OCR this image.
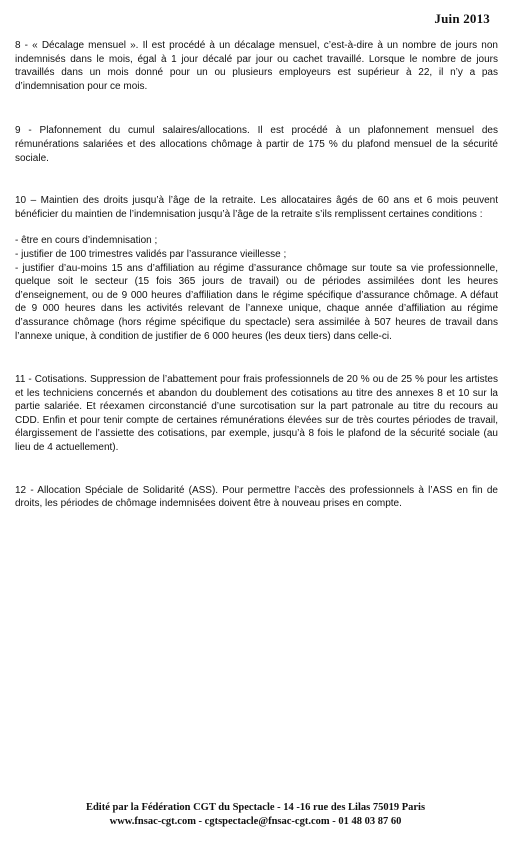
Juin 2013

8 - « Décalage mensuel ». Il est procédé à un décalage mensuel, c’est-à-dire à un nombre de jours non indemnisés dans le mois, égal à 1 jour décalé par jour ou cachet travaillé. Lorsque le nombre de jours travaillés dans un mois donné pour un ou plusieurs employeurs est supérieur à 22, il n’y a pas d’indemnisation pour ce mois.

9 - Plafonnement du cumul salaires/allocations. Il est procédé à un plafonnement mensuel des rémunérations salariées et des allocations chômage à partir de 175 % du plafond mensuel de la sécurité sociale.

10 – Maintien des droits jusqu’à l’âge de la retraite. Les allocataires âgés de 60 ans et 6 mois peuvent bénéficier du maintien de l’indemnisation jusqu’à l’âge de la retraite s’ils remplissent certaines conditions :

- être en cours d’indemnisation ;
- justifier de 100 trimestres validés par l’assurance vieillesse ;
- justifier d’au-moins 15 ans d’affiliation au régime d’assurance chômage sur toute sa vie professionnelle, quelque soit le secteur (15 fois 365 jours de travail) ou de périodes assimilées dont les heures d’enseignement, ou de 9 000 heures d’affiliation dans le régime spécifique d’assurance chômage. A défaut de 9 000 heures dans les activités relevant de l’annexe unique, chaque année d’affiliation au régime d’assurance chômage (hors régime spécifique du spectacle) sera assimilée à 507 heures de travail dans l’annexe unique, à condition de justifier de 6 000 heures (les deux tiers) dans celle-ci.

11 - Cotisations. Suppression de l’abattement pour frais professionnels de 20 % ou de 25 % pour les artistes et les techniciens concernés et abandon du doublement des cotisations au titre des annexes 8 et 10 sur la partie salariée. Et réexamen circonstancié d’une surcotisation sur la part patronale au titre du recours au CDD. Enfin et pour tenir compte de certaines rémunérations élevées sur de très courtes périodes de travail, élargissement de l’assiette des cotisations, par exemple, jusqu’à 8 fois le plafond de la sécurité sociale (au lieu de 4 actuellement).

12 - Allocation Spéciale de Solidarité (ASS). Pour permettre l’accès des professionnels à l’ASS en fin de droits, les périodes de chômage indemnisées doivent être à nouveau prises en compte.

Edité par la Fédération CGT du Spectacle - 14 -16 rue des Lilas 75019 Paris

www.fnsac-cgt.com - cgtspectacle@fnsac-cgt.com - 01 48 03 87 60
